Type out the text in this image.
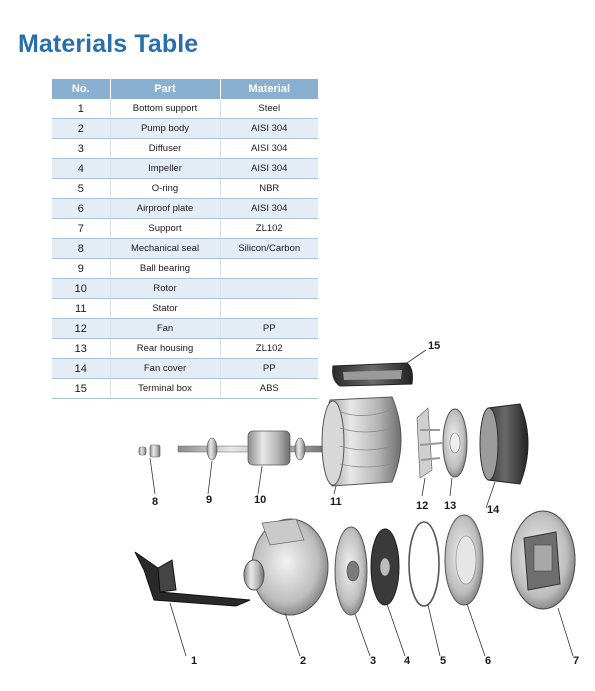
Materials Table
No.	Part	Material
1	Bottom support	Steel
2	Pump body	AISI 304
3	Diffuser	AISI 304
4	Impeller	AISI 304
5	O-ring	NBR
6	Airproof plate	AISI 304
7	Support	ZL102
8	Mechanical seal	Silicon/Carbon
9	Ball bearing	
10	Rotor	
11	Stator	
12	Fan	PP
13	Rear housing	ZL102
14	Fan cover	PP
15	Terminal box	ABS
1	2	3	4	5	6	7
8	9	10	11	12 13	14
15
